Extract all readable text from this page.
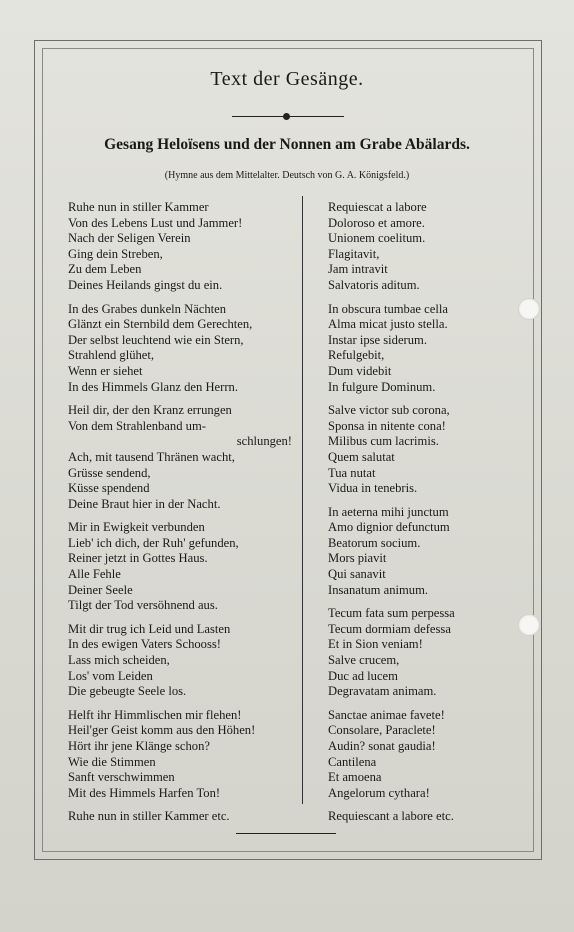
Text der Gesänge.
Gesang Heloïsens und der Nonnen am Grabe Abälards.
(Hymne aus dem Mittelalter. Deutsch von G. A. Königsfeld.)
Ruhe nun in stiller Kammer
Von des Lebens Lust und Jammer!
Nach der Seligen Verein
Ging dein Streben,
Zu dem Leben
Deines Heilands gingst du ein.
In des Grabes dunkeln Nächten
Glänzt ein Sternbild dem Gerechten,
Der selbst leuchtend wie ein Stern,
Strahlend glühet,
Wenn er siehet
In des Himmels Glanz den Herrn.
Heil dir, der den Kranz errungen
Von dem Strahlenband um-
schlungen!
Ach, mit tausend Thränen wacht,
Grüsse sendend,
Küsse spendend
Deine Braut hier in der Nacht.
Mir in Ewigkeit verbunden
Lieb' ich dich, der Ruh' gefunden,
Reiner jetzt in Gottes Haus.
Alle Fehle
Deiner Seele
Tilgt der Tod versöhnend aus.
Mit dir trug ich Leid und Lasten
In des ewigen Vaters Schooss!
Lass mich scheiden,
Los' vom Leiden
Die gebeugte Seele los.
Helft ihr Himmlischen mir flehen!
Heil'ger Geist komm aus den Höhen!
Hört ihr jene Klänge schon?
Wie die Stimmen
Sanft verschwimmen
Mit des Himmels Harfen Ton!
Ruhe nun in stiller Kammer etc.
Requiescat a labore
Doloroso et amore.
Unionem coelitum.
Flagitavit,
Jam intravit
Salvatoris aditum.
In obscura tumbae cella
Alma micat justo stella.
Instar ipse siderum.
Refulgebit,
Dum videbit
In fulgure Dominum.
Salve victor sub corona,
Sponsa in nitente cona!
Milibus cum lacrimis.
Quem salutat
Tua nutat
Vidua in tenebris.
In aeterna mihi junctum
Amo dignior defunctum
Beatorum socium.
Mors piavit
Qui sanavit
Insanatum animum.
Tecum fata sum perpessa
Tecum dormiam defessa
Et in Sion veniam!
Salve crucem,
Duc ad lucem
Degravatam animam.
Sanctae animae favete!
Consolare, Paraclete!
Audin? sonat gaudia!
Cantilena
Et amoena
Angelorum cythara!
Requiescant a labore etc.
